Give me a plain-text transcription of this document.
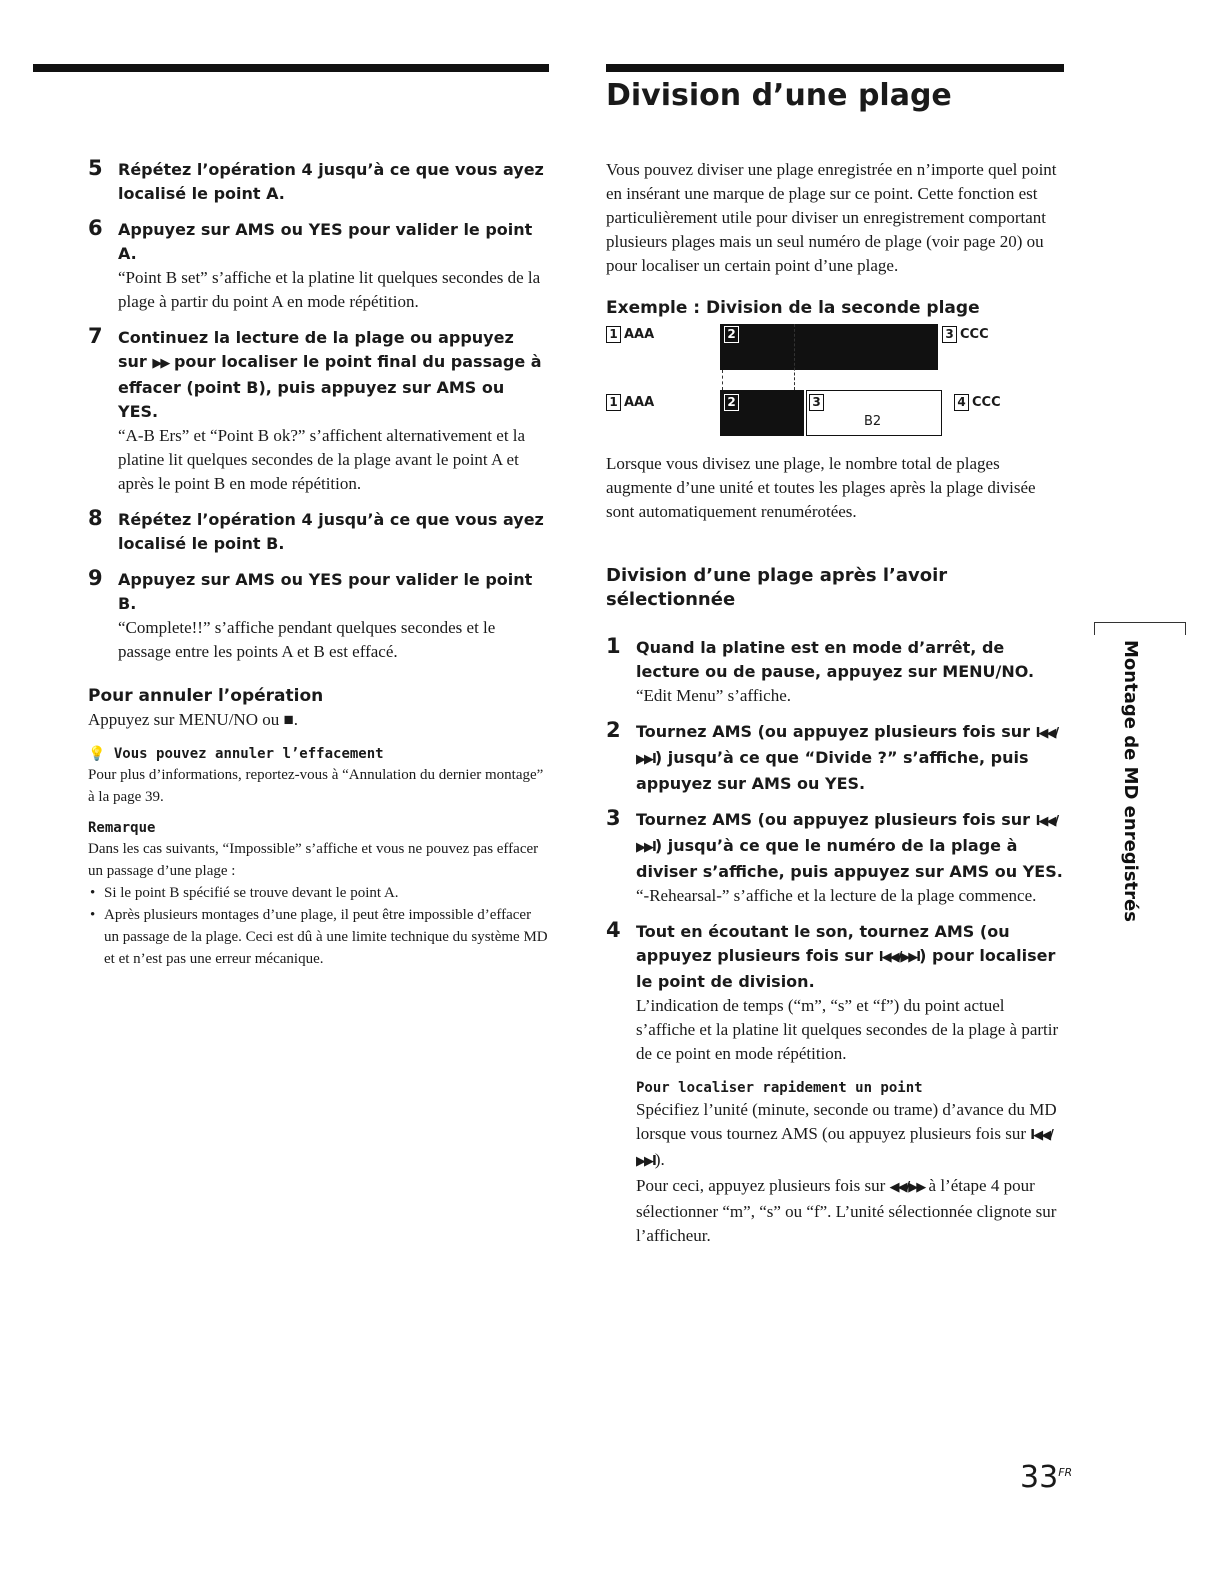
Division d’une plage
5 Répétez l’opération 4 jusqu’à ce que vous ayez localisé le point A.
6 Appuyez sur AMS ou YES pour valider le point A.
“Point B set” s’affiche et la platine lit quelques secondes de la plage à partir du point A en mode répétition.
7 Continuez la lecture de la plage ou appuyez sur ▶▶ pour localiser le point final du passage à effacer (point B), puis appuyez sur AMS ou YES.
“A-B Ers” et “Point B ok?” s’affichent alternativement et la platine lit quelques secondes de la plage avant le point A et après le point B en mode répétition.
8 Répétez l’opération 4 jusqu’à ce que vous ayez localisé le point B.
9 Appuyez sur AMS ou YES pour valider le point B.
“Complete!!” s’affiche pendant quelques secondes et le passage entre les points A et B est effacé.
Pour annuler l’opération
Appuyez sur MENU/NO ou ■.
💡 Vous pouvez annuler l’effacement
Pour plus d’informations, reportez-vous à “Annulation du dernier montage” à la page 39.
Remarque
Dans les cas suivants, “Impossible” s’affiche et vous ne pouvez pas effacer un passage d’une plage :
• Si le point B spécifié se trouve devant le point A.
• Après plusieurs montages d’une plage, il peut être impossible d’effacer un passage de la plage. Ceci est dû à une limite technique du système MD et et n’est pas une erreur mécanique.
Vous pouvez diviser une plage enregistrée en n’importe quel point en insérant une marque de plage sur ce point. Cette fonction est particulièrement utile pour diviser un enregistrement comportant plusieurs plages mais un seul numéro de plage (voir page 20) ou pour localiser un certain point d’une plage.
Exemple : Division de la seconde plage
1 AAA	2	3 CCC
1 AAA	2	3
B2
4 CCC
Lorsque vous divisez une plage, le nombre total de plages augmente d’une unité et toutes les plages après la plage divisée sont automatiquement renumérotées.
Division d’une plage après l’avoir sélectionnée
1 Quand la platine est en mode d’arrêt, de lecture ou de pause, appuyez sur MENU/NO.
“Edit Menu” s’affiche.
2 Tournez AMS (ou appuyez plusieurs fois sur I◀◀/▶▶I) jusqu’à ce que “Divide ?” s’affiche, puis appuyez sur AMS ou YES.
3 Tournez AMS (ou appuyez plusieurs fois sur I◀◀/▶▶I) jusqu’à ce que le numéro de la plage à diviser s’affiche, puis appuyez sur AMS ou YES.
“-Rehearsal-” s’affiche et la lecture de la plage commence.
4 Tout en écoutant le son, tournez AMS (ou appuyez plusieurs fois sur I◀◀/▶▶I) pour localiser le point de division.
L’indication de temps (“m”, “s” et “f”) du point actuel s’affiche et la platine lit quelques secondes de la plage à partir de ce point en mode répétition.
Pour localiser rapidement un point
Spécifiez l’unité (minute, seconde ou trame) d’avance du MD lorsque vous tournez AMS (ou appuyez plusieurs fois sur I◀◀/▶▶I).
Pour ceci, appuyez plusieurs fois sur ◀◀/▶▶ à l’étape 4 pour sélectionner “m”, “s” ou “f”. L’unité sélectionnée clignote sur l’afficheur.
Montage de MD enregistrés
$33^{FR}$
